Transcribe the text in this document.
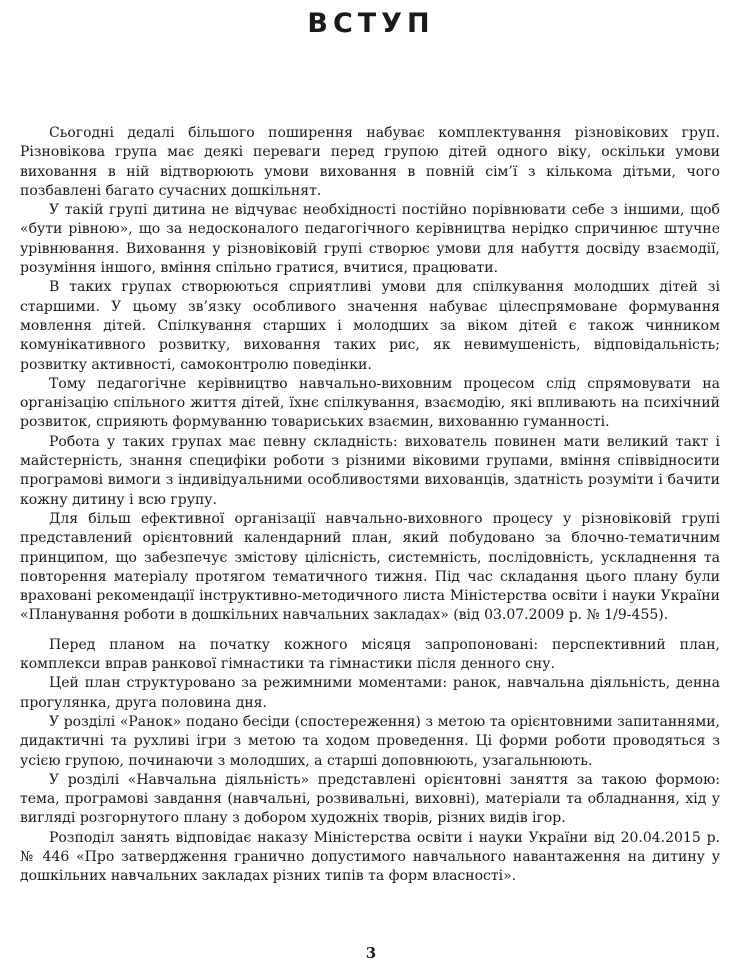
ВСТУП

Сьогодні дедалі більшого поширення набуває комплектування різновікових груп. Різновікова група має деякі переваги перед групою дітей одного віку, оскільки умови виховання в ній відтворюють умови виховання в повній сім’ї з кількома дітьми, чого позбавлені багато сучасних дошкільнят.

У такій групі дитина не відчуває необхідності постійно порівнювати себе з іншими, щоб «бути рівною», що за недосконалого педагогічного керівництва нерідко спричинює штучне урівнювання. Виховання у різновіковій групі створює умови для набуття досвіду взаємодії, розуміння іншого, вміння спільно гратися, вчитися, працювати.

В таких групах створюються сприятливі умови для спілкування молодших дітей зі старшими. У цьому зв’язку особливого значення набуває цілеспрямоване формування мовлення дітей. Спілкування старших і молодших за віком дітей є також чинником комунікативного розвитку, виховання таких рис, як невимушеність, відповідальність; розвитку активності, самоконтролю поведінки.

Тому педагогічне керівництво навчально-виховним процесом слід спрямовувати на організацію спільного життя дітей, їхнє спілкування, взаємодію, які впливають на психічний розвиток, сприяють формуванню товариських взаємин, вихованню гуманності.

Робота у таких групах має певну складність: вихователь повинен мати великий такт і майстерність, знання специфіки роботи з різними віковими групами, вміння співвідносити програмові вимоги з індивідуальними особливостями вихованців, здатність розуміти і бачити кожну дитину і всю групу.

Для більш ефективної організації навчально-виховного процесу у різновіковій групі представлений орієнтовний календарний план, який побудовано за блочно-тематичним принципом, що забезпечує змістову цілісність, системність, послідовність, ускладнення та повторення матеріалу протягом тематичного тижня. Під час складання цього плану були враховані рекомендації інструктивно-методичного листа Міністерства освіти і науки України «Планування роботи в дошкільних навчальних закладах» (від 03.07.2009 р. № 1/9-455).

Перед планом на початку кожного місяця запропоновані: перспективний план, комплекси вправ ранкової гімнастики та гімнастики після денного сну.

Цей план структуровано за режимними моментами: ранок, навчальна діяльність, денна прогулянка, друга половина дня.

У розділі «Ранок» подано бесіди (спостереження) з метою та орієнтовними запитаннями, дидактичні та рухливі ігри з метою та ходом проведення. Ці форми роботи проводяться з усією групою, починаючи з молодших, а старші доповнюють, узагальнюють.

У розділі «Навчальна діяльність» представлені орієнтовні заняття за такою формою: тема, програмові завдання (навчальні, розвивальні, виховні), матеріали та обладнання, хід у вигляді розгорнутого плану з добором художніх творів, різних видів ігор.

Розподіл занять відповідає наказу Міністерства освіти і науки України від 20.04.2015 р. № 446 «Про затвердження гранично допустимого навчального навантаження на дитину у дошкільних навчальних закладах різних типів та форм власності».

3
